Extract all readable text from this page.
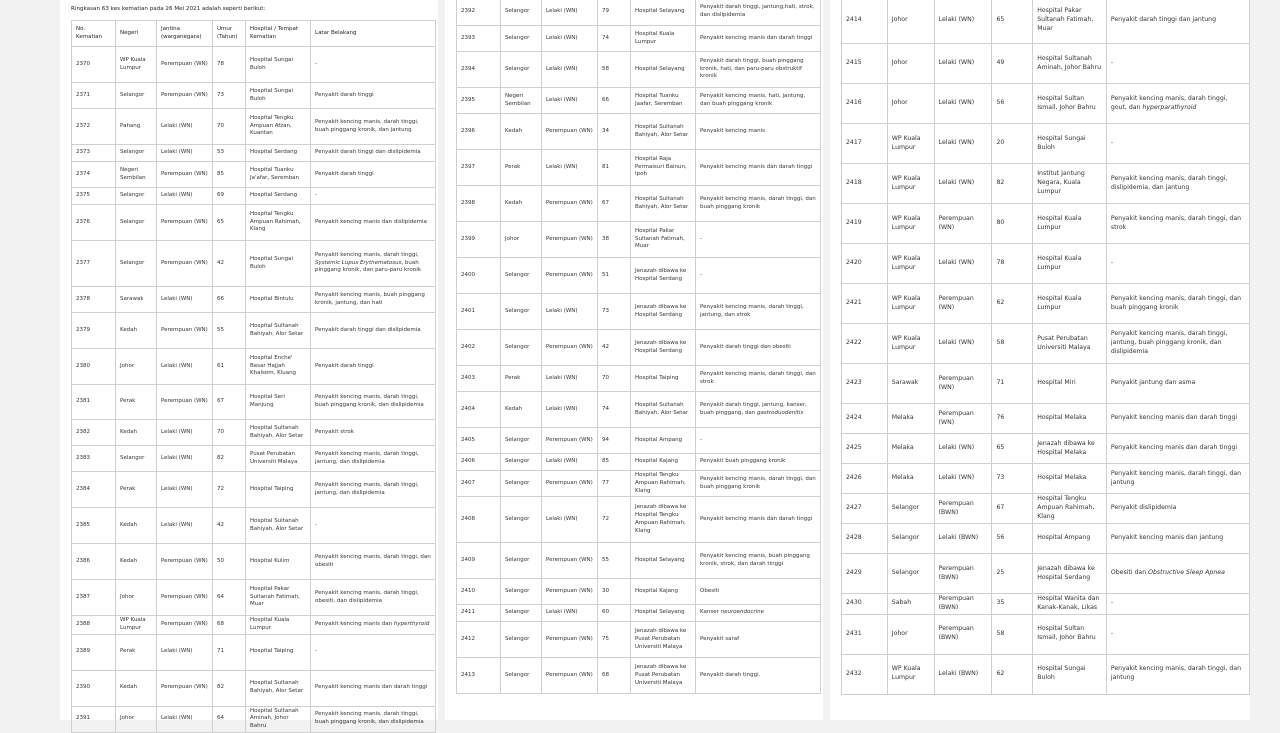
Ringkasan 63 kes kematian pada 26 Mei 2021 adalah seperti berikut:
No. Kematian	Negeri	Jantina (warganegara)	Umur (Tahun)	Hospital / Tempat Kematian	Latar Belakang
2370	WP Kuala Lumpur	Perempuan (WN)	78	Hospital Sungai Buloh	-
2371	Selangor	Perempuan (WN)	73	Hospital Sungai Buloh	Penyakit darah tinggi
2372	Pahang	Lelaki (WN)	70	Hospital Tengku Ampuan Afzan, Kuantan	Penyakit kencing manis, darah tinggi, buah pinggang kronik, dan jantung
2373	Selangor	Lelaki (WN)	53	Hospital Serdang	Penyakit darah tinggi dan dislipidemia
2374	Negeri Sembilan	Perempuan (WN)	85	Hospital Tuanku Ja'afar, Seremban	Penyakit darah tinggi
2375	Selangor	Lelaki (WN)	69	Hospital Serdang	-
2376	Selangor	Perempuan (WN)	65	Hospital Tengku Ampuan Rahimah, Klang	Penyakit kencing manis dan dislipidemia
2377	Selangor	Perempuan (WN)	42	Hospital Sungai Buloh	Penyakit kencing manis, darah tinggi, Systemic Lupus Erythematosus, buah pinggang kronik, dan paru-paru kronik
2378	Sarawak	Lelaki (WN)	66	Hospital Bintulu	Penyakit kencing manis, buah pinggang kronik, jantung, dan hati
2379	Kedah	Perempuan (WN)	55	Hospital Sultanah Bahiyah, Alor Setar	Penyakit darah tinggi dan dislipidemia
2380	Johor	Lelaki (WN)	61	Hospital Enche' Besar Hajjah Khalsom, Kluang	Penyakit darah tinggi
2381	Perak	Perempuan (WN)	67	Hospital Seri Manjung	Penyakit kencing manis, darah tinggi, buah pinggang kronik, dan dislipidemia
2382	Kedah	Lelaki (WN)	70	Hospital Sultanah Bahiyah, Alor Setar	Penyakit strok
2383	Selangor	Lelaki (WN)	82	Pusat Perubatan Universiti Malaya	Penyakit kencing manis, darah tinggi, jantung, dan dislipidemia
2384	Perak	Lelaki (WN)	72	Hospital Taiping	Penyakit kencing manis, darah tinggi, jantung, dan dislipidemia
2385	Kedah	Lelaki (WN)	42	Hospital Sultanah Bahiyah, Alor Setar	-
2386	Kedah	Perempuan (WN)	50	Hospital Kulim	Penyakit kencing manis, darah tinggi, dan obesiti
2387	Johor	Perempuan (WN)	64	Hospital Pakar Sultanah Fatimah, Muar	Penyakit kencing manis, darah tinggi, obesiti, dan dislipidemia
2388	WP Kuala Lumpur	Perempuan (WN)	68	Hospital Kuala Lumpur	Penyakit kencing manis dan hyperthyroid
2389	Perak	Lelaki (WN)	71	Hospital Taiping	-
2390	Kedah	Perempuan (WN)	82	Hospital Sultanah Bahiyah, Alor Setar	Penyakit kencing manis dan darah tinggi
2391	Johor	Lelaki (WN)	64	Hospital Sultanah Aminah, Johor Bahru	Penyakit kencing manis, darah tinggi, buah pinggang kronik, dan dislipidemia
2392	Selangor	Lelaki (WN)	79	Hospital Selayang	Penyakit darah tinggi, jantung,hati, strok, dan dislipidemia
2393	Selangor	Lelaki (WN)	74	Hospital Kuala Lumpur	Penyakit kencing manis dan darah tinggi
2394	Selangor	Lelaki (WN)	58	Hospital Selayang	Penyakit darah tinggi, buah pinggang kronik, hati, dan paru-paru obstruktif kronik
2395	Negeri Sembilan	Lelaki (WN)	66	Hospital Tuanku Jaafar, Seremban	Penyakit kencing manis, hati, jantung, dan buah pinggang kronik
2396	Kedah	Perempuan (WN)	34	Hospital Sultanah Bahiyah, Alor Setar	Penyakit kencing manis
2397	Perak	Lelaki (WN)	81	Hospital Raja Permaisuri Bainun, Ipoh	Penyakit kencing manis dan darah tinggi
2398	Kedah	Perempuan (WN)	67	Hospital Sultanah Bahiyah, Alor Setar	Penyakit kencing manis, darah tinggi, dan buah pinggang kronik
2399	Johor	Perempuan (WN)	38	Hospital Pakar Sultanah Fatimah, Muar	-
2400	Selangor	Perempuan (WN)	51	Jenazah dibawa ke Hospital Serdang	-
2401	Selangor	Lelaki (WN)	73	Jenazah dibawa ke Hospital Serdang	Penyakit kencing manis, darah tinggi, jantung, dan strok
2402	Selangor	Perempuan (WN)	42	Jenazah dibawa ke Hospital Serdang	Penyakit darah tinggi dan obesiti
2403	Perak	Lelaki (WN)	70	Hospital Taiping	Penyakit kencing manis, darah tinggi, dan strok
2404	Kedah	Lelaki (WN)	74	Hospital Sultanah Bahiyah, Alor Setar	Penyakit darah tinggi, jantung, kanser, buah pinggang, dan gastroduodenitis
2405	Selangor	Perempuan (WN)	94	Hospital Ampang	-
2406	Selangor	Lelaki (WN)	85	Hospital Kajang	Penyakit buah pinggang kronik
2407	Selangor	Perempuan (WN)	77	Hospital Tengku Ampuan Rahimah, Klang	Penyakit kencing manis, darah tinggi, dan buah pinggang kronik
2408	Selangor	Lelaki (WN)	72	Jenazah dibawa ke Hospital Tengku Ampuan Rahimah, Klang	Penyakit kencing manis dan darah tinggi
2409	Selangor	Perempuan (WN)	55	Hospital Selayang	Penyakit kencing manis, buah pinggang kronik, strok, dan darah tinggi
2410	Selangor	Perempuan (WN)	30	Hospital Kajang	Obesiti
2411	Selangor	Lelaki (WN)	60	Hospital Selayang	Kanser neuroendocrine
2412	Selangor	Perempuan (WN)	75	Jenazah dibawa ke Pusat Perubatan Universiti Malaya	Penyakit saraf
2413	Selangor	Perempuan (WN)	68	Jenazah dibawa ke Pusat Perubatan Universiti Malaya	Penyakit darah tinggi.
2414	Johor	Lelaki (WN)	65	Hospital Pakar Sultanah Fatimah, Muar	Penyakit darah tinggi dan jantung
2415	Johor	Lelaki (WN)	49	Hospital Sultanah Aminah, Johor Bahru	-
2416	Johor	Lelaki (WN)	56	Hospital Sultan Ismail, Johor Bahru	Penyakit kencing manis, darah tinggi, gout, dan hyperparathyroid
2417	WP Kuala Lumpur	Lelaki (WN)	20	Hospital Sungai Buloh	-
2418	WP Kuala Lumpur	Lelaki (WN)	82	Institut Jantung Negara, Kuala Lumpur	Penyakit kencing manis, darah tinggi, dislipidemia, dan jantung
2419	WP Kuala Lumpur	Perempuan (WN)	80	Hospital Kuala Lumpur	Penyakit kencing manis, darah tinggi, dan strok
2420	WP Kuala Lumpur	Lelaki (WN)	78	Hospital Kuala Lumpur	-
2421	WP Kuala Lumpur	Perempuan (WN)	62	Hospital Kuala Lumpur	Penyakit kencing manis, darah tinggi, dan buah pinggang kronik
2422	WP Kuala Lumpur	Lelaki (WN)	58	Pusat Perubatan Universiti Malaya	Penyakit kencing manis, darah tinggi, jantung, buah pinggang kronik, dan dislipidemia
2423	Sarawak	Perempuan (WN)	71	Hospital Miri	Penyakit jantung dan asma
2424	Melaka	Perempuan (WN)	76	Hospital Melaka	Penyakit kencing manis dan darah tinggi
2425	Melaka	Lelaki (WN)	65	Jenazah dibawa ke Hospital Melaka	Penyakit kencing manis dan darah tinggi
2426	Melaka	Lelaki (WN)	73	Hospital Melaka	Penyakit kencing manis, darah tinggi, dan jantung
2427	Selangor	Perempuan (BWN)	67	Hospital Tengku Ampuan Rahimah, Klang	Penyakit dislipidemia
2428	Selangor	Lelaki (BWN)	56	Hospital Ampang	Penyakit kencing manis dan jantung
2429	Selangor	Perempuan (BWN)	25	Jenazah dibawa ke Hospital Serdang	Obesiti dan Obstructive Sleep Apnea
2430	Sabah	Perempuan (BWN)	35	Hospital Wanita dan Kanak-Kanak, Likas	-
2431	Johor	Perempuan (BWN)	58	Hospital Sultan Ismail, Johor Bahru	-
2432	WP Kuala Lumpur	Lelaki (BWN)	62	Hospital Sungai Buloh	Penyakit kencing manis, darah tinggi, dan jantung
